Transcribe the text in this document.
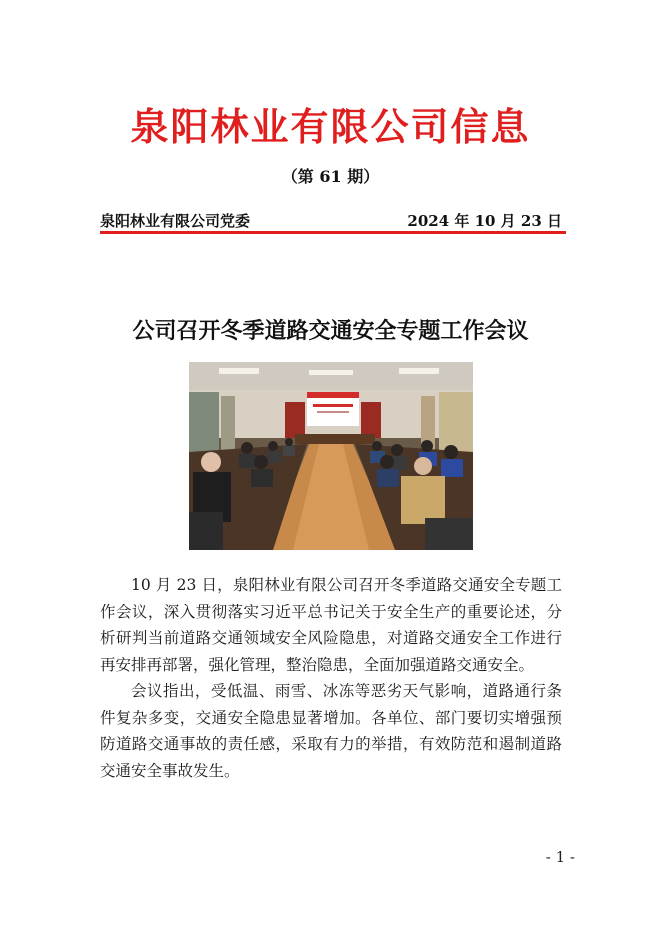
泉阳林业有限公司信息
（第 61 期）
泉阳林业有限公司党委	2024 年 10 月 23 日
公司召开冬季道路交通安全专题工作会议

10 月 23 日，泉阳林业有限公司召开冬季道路交通安全专题工作会议，深入贯彻落实习近平总书记关于安全生产的重要论述，分析研判当前道路交通领域安全风险隐患，对道路交通安全工作进行再安排再部署，强化管理，整治隐患，全面加强道路交通安全。

会议指出，受低温、雨雪、冰冻等恶劣天气影响，道路通行条件复杂多变，交通安全隐患显著增加。各单位、部门要切实增强预防道路交通事故的责任感，采取有力的举措，有效防范和遏制道路交通安全事故发生。

- 1 -
